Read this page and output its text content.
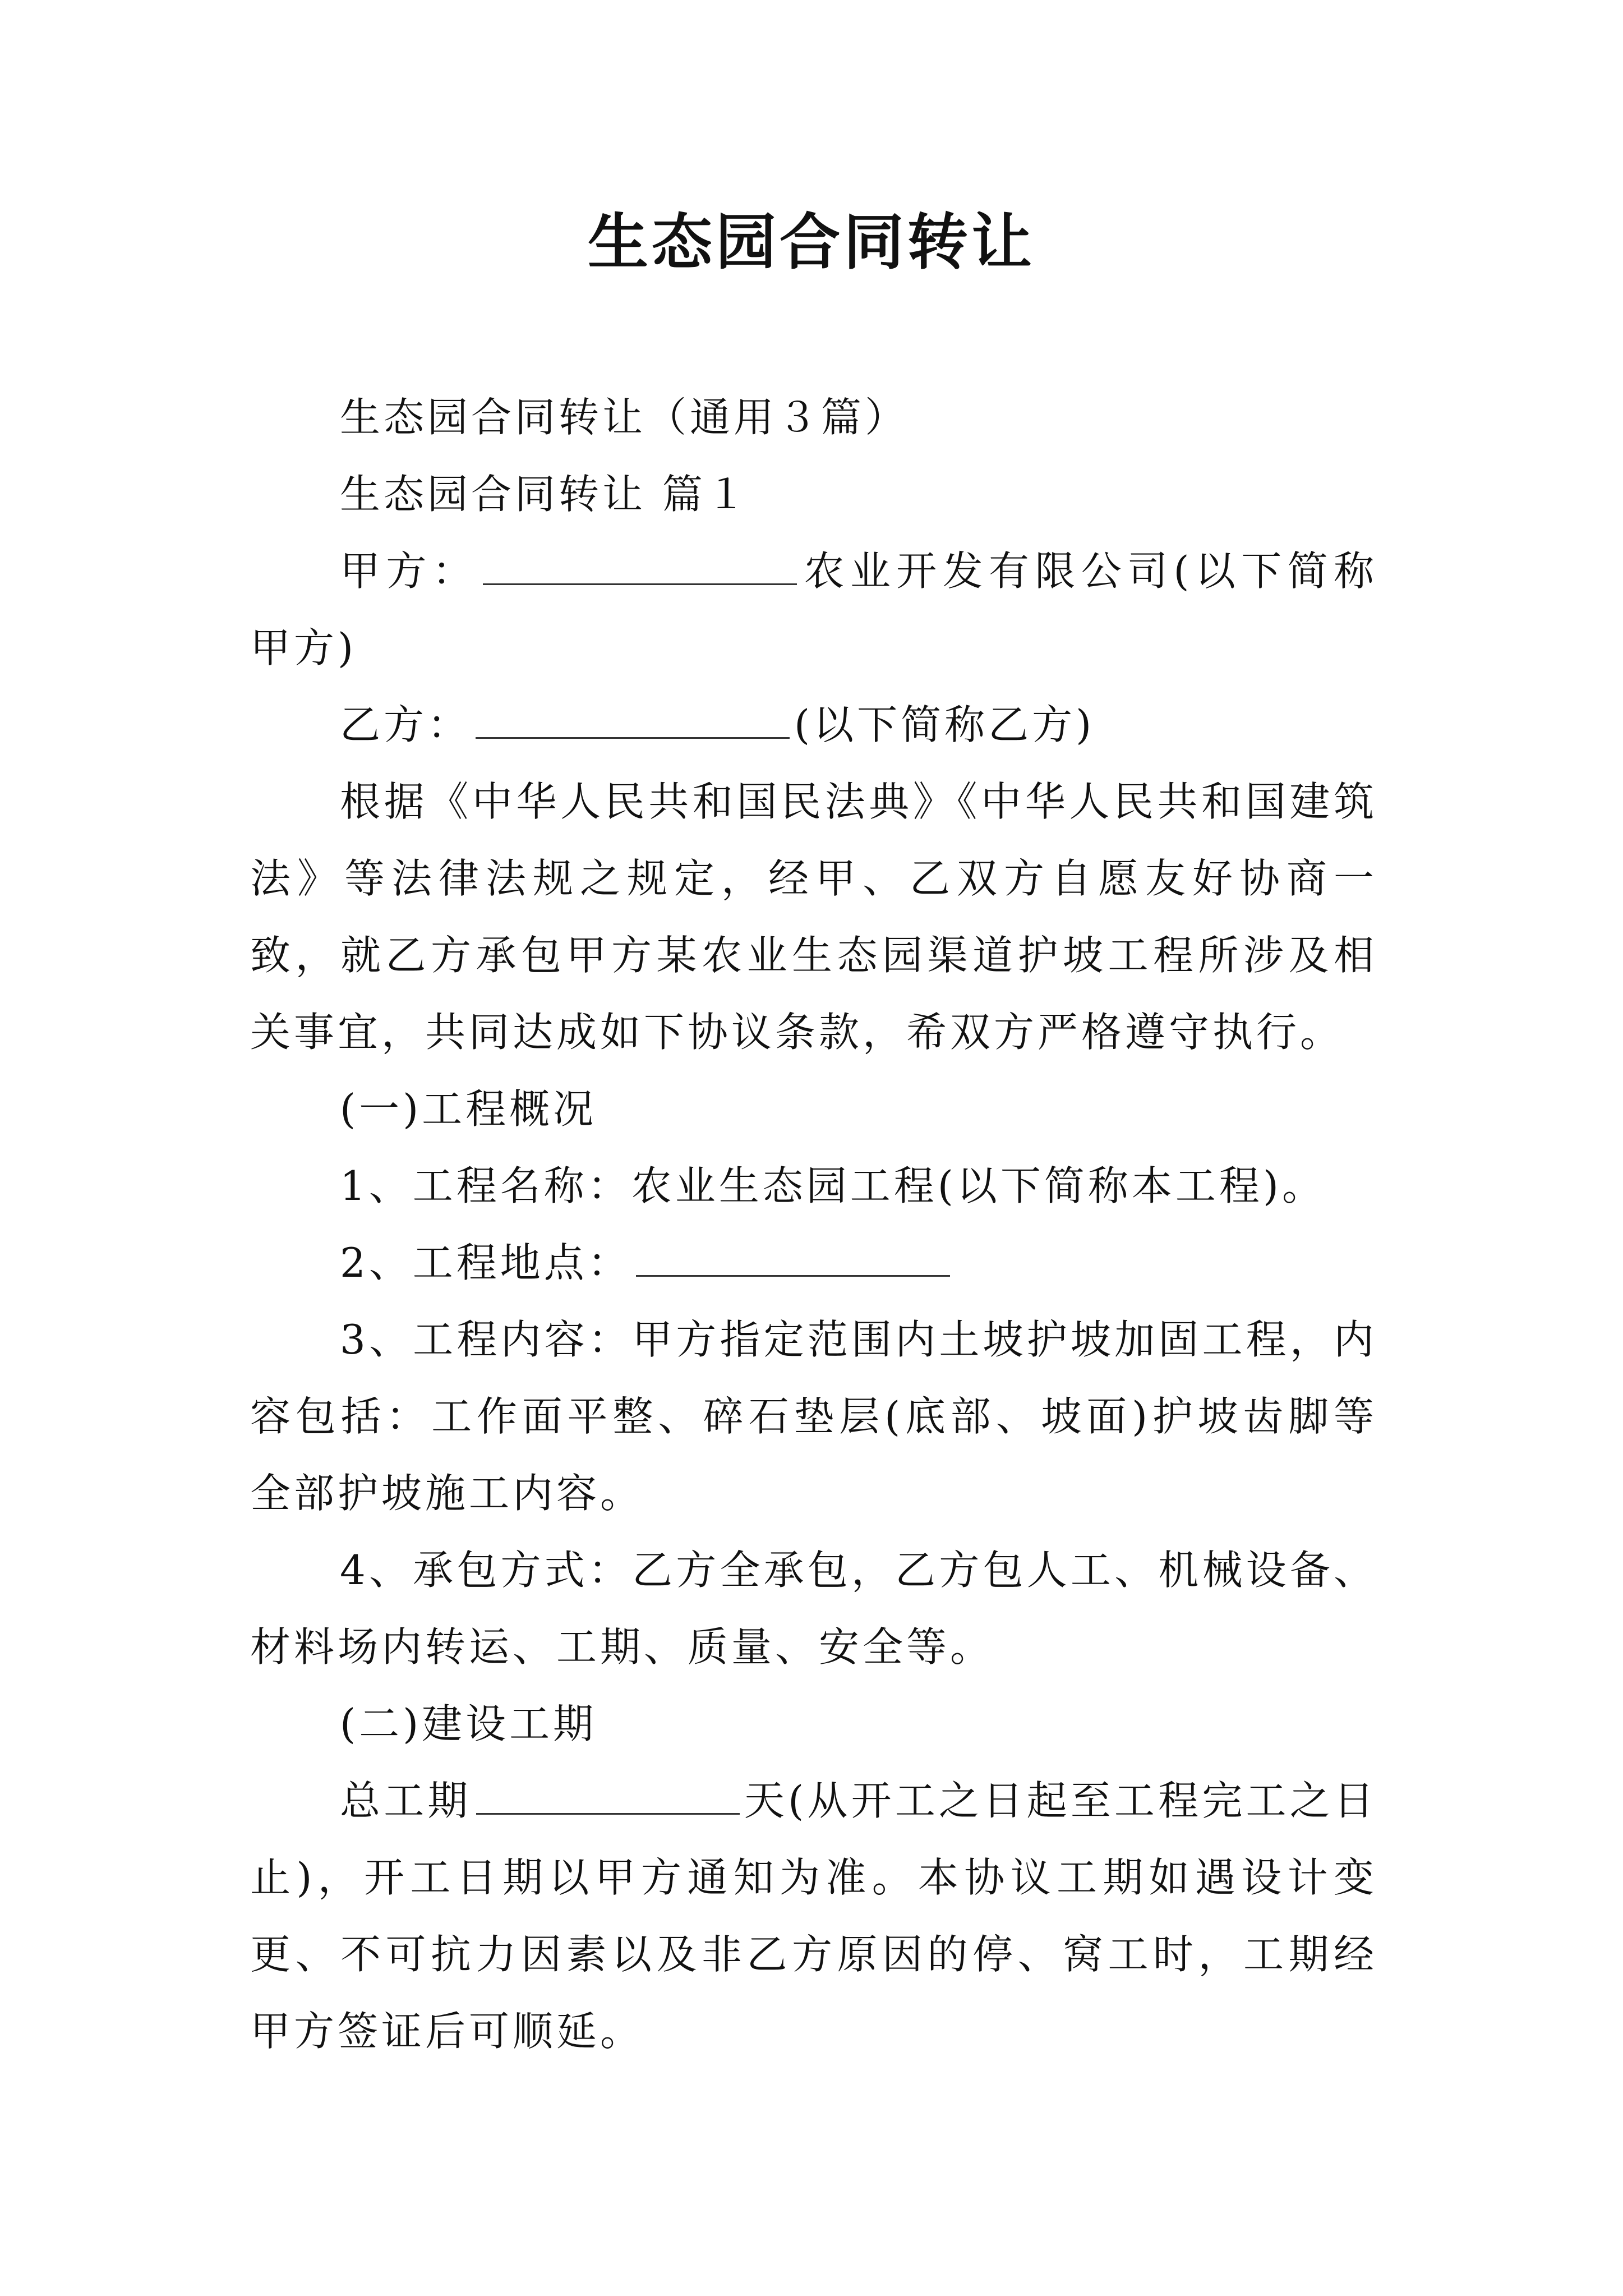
生态园合同转让

生态园合同转让（通用３篇）

生态园合同转让 篇１

甲方：	农业开发有限公司(以下简称甲方)

乙方：	(以下简称乙方)

根据《中华人民共和国民法典》《中华人民共和国建筑法》等法律法规之规定，经甲、乙双方自愿友好协商一致，就乙方承包甲方某农业生态园渠道护坡工程所涉及相关事宜，共同达成如下协议条款，希双方严格遵守执行。

(一)工程概况

1、工程名称：农业生态园工程(以下简称本工程)。

2、工程地点：

3、工程内容：甲方指定范围内土坡护坡加固工程，内容包括：工作面平整、碎石垫层(底部、坡面)护坡齿脚等全部护坡施工内容。

4、承包方式：乙方全承包，乙方包人工、机械设备、材料场内转运、工期、质量、安全等。

(二)建设工期

总工期	天(从开工之日起至工程完工之日止)，开工日期以甲方通知为准。本协议工期如遇设计变更、不可抗力因素以及非乙方原因的停、窝工时，工期经甲方签证后可顺延。
